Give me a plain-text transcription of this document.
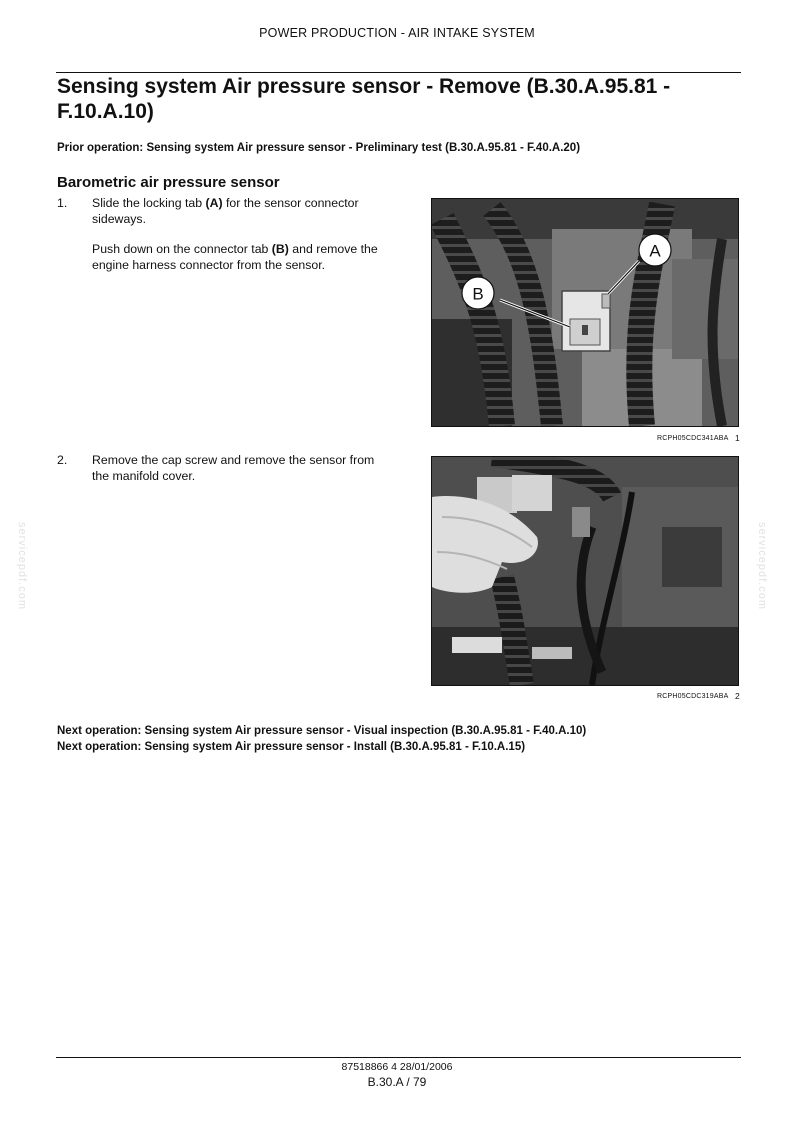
POWER PRODUCTION - AIR INTAKE SYSTEM
Sensing system Air pressure sensor - Remove (B.30.A.95.81 -
F.10.A.10)
Prior operation: Sensing system Air pressure sensor - Preliminary test (B.30.A.95.81 - F.40.A.20)
Barometric air pressure sensor
1. Slide the locking tab (A) for the sensor connector sideways.

Push down on the connector tab (B) and remove the engine harness connector from the sensor.

A
B
RCPH05CDC341ABA 1
2. Remove the cap screw and remove the sensor from the manifold cover.

RCPH05CDC319ABA 2
Next operation: Sensing system Air pressure sensor - Visual inspection (B.30.A.95.81 - F.40.A.10)
Next operation: Sensing system Air pressure sensor - Install (B.30.A.95.81 - F.10.A.15)
servicepdf.com	servicepdf.com
87518866 4 28/01/2006
B.30.A / 79
